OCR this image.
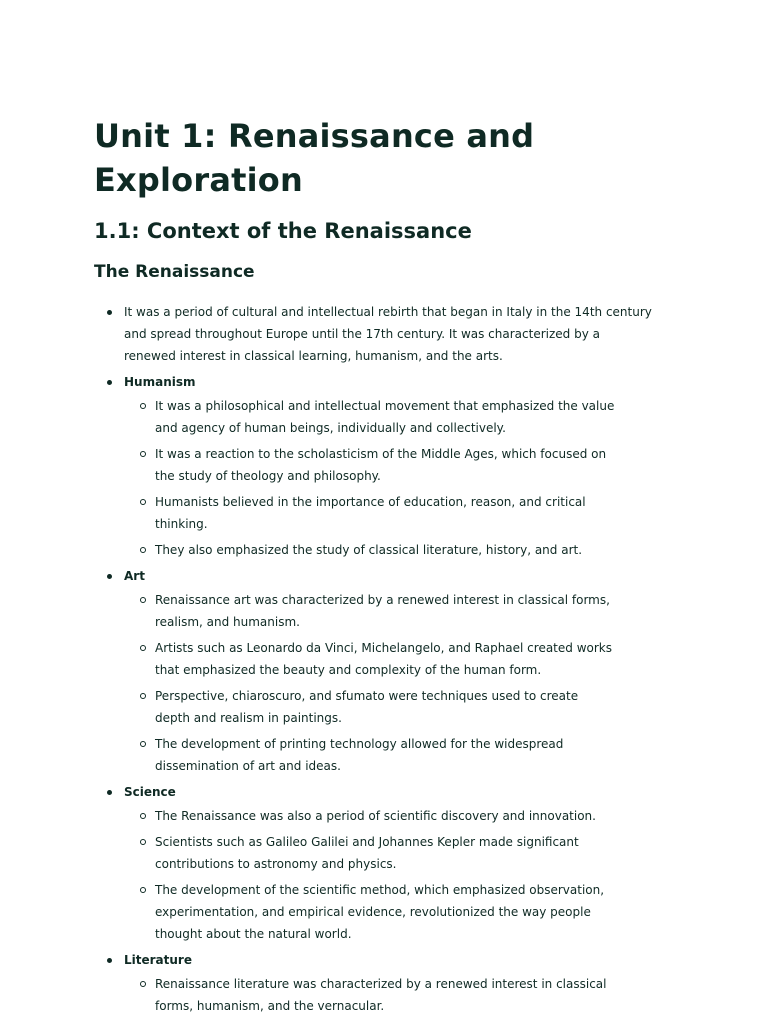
Unit 1: Renaissance and Exploration
1.1: Context of the Renaissance
The Renaissance
It was a period of cultural and intellectual rebirth that began in Italy in the 14th century and spread throughout Europe until the 17th century. It was characterized by a renewed interest in classical learning, humanism, and the arts.
Humanism
It was a philosophical and intellectual movement that emphasized the value and agency of human beings, individually and collectively.
It was a reaction to the scholasticism of the Middle Ages, which focused on the study of theology and philosophy.
Humanists believed in the importance of education, reason, and critical thinking.
They also emphasized the study of classical literature, history, and art.
Art
Renaissance art was characterized by a renewed interest in classical forms, realism, and humanism.
Artists such as Leonardo da Vinci, Michelangelo, and Raphael created works that emphasized the beauty and complexity of the human form.
Perspective, chiaroscuro, and sfumato were techniques used to create depth and realism in paintings.
The development of printing technology allowed for the widespread dissemination of art and ideas.
Science
The Renaissance was also a period of scientific discovery and innovation.
Scientists such as Galileo Galilei and Johannes Kepler made significant contributions to astronomy and physics.
The development of the scientific method, which emphasized observation, experimentation, and empirical evidence, revolutionized the way people thought about the natural world.
Literature
Renaissance literature was characterized by a renewed interest in classical forms, humanism, and the vernacular.
